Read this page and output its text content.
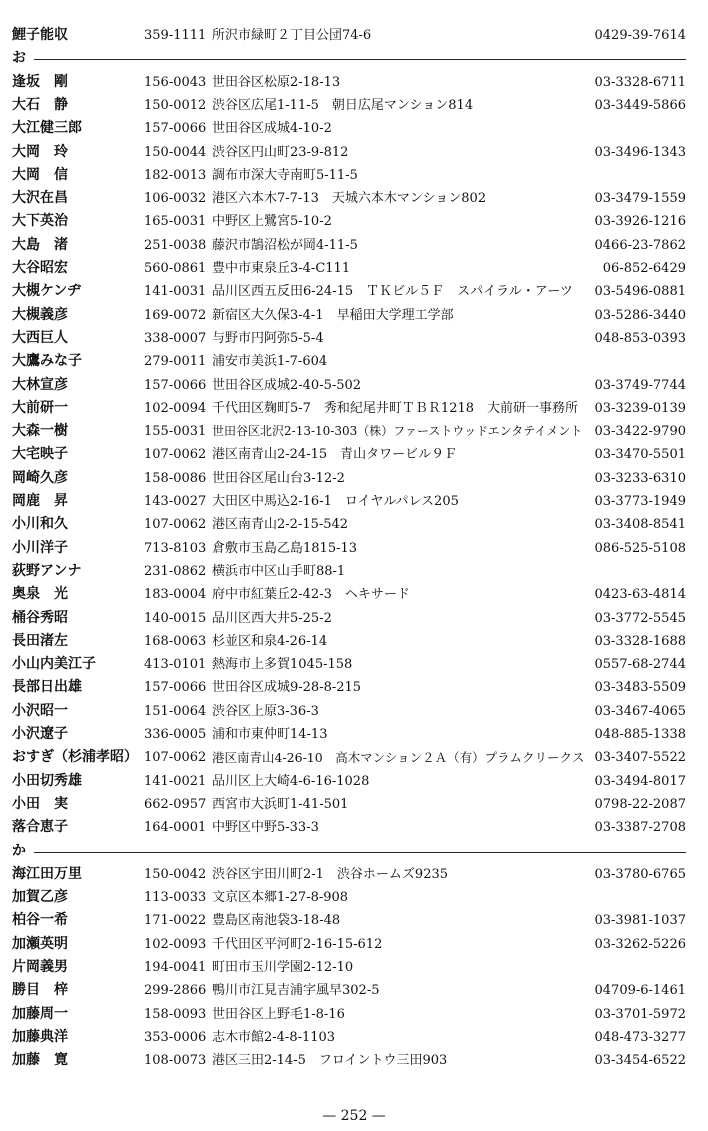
鯉子能収	359-1111 所沢市緑町２丁目公団74-6	0429-39-7614
お
逢坂　剛	156-0043 世田谷区松原2-18-13	03-3328-6711
大石　静	150-0012 渋谷区広尾1-11-5　朝日広尾マンション814	03-3449-5866
大江健三郎	157-0066 世田谷区成城4-10-2
大岡　玲	150-0044 渋谷区円山町23-9-812	03-3496-1343
大岡　信	182-0013 調布市深大寺南町5-11-5
大沢在昌	106-0032 港区六本木7-7-13　天城六本木マンション802	03-3479-1559
大下英治	165-0031 中野区上鷺宮5-10-2	03-3926-1216
大島　渚	251-0038 藤沢市鵠沼松が岡4-11-5	0466-23-7862
大谷昭宏	560-0861 豊中市東泉丘3-4-C111	06-852-6429
大槻ケンヂ	141-0031 品川区西五反田6-24-15　ＴＫビル５Ｆ　スパイラル・アーツ 03-5496-0881
大槻義彦	169-0072 新宿区大久保3-4-1　早稲田大学理工学部	03-5286-3440
大西巨人	338-0007 与野市円阿弥5-5-4	048-853-0393
大鷹みな子	279-0011 浦安市美浜1-7-604
大林宣彦	157-0066 世田谷区成城2-40-5-502	03-3749-7744
大前研一	102-0094 千代田区麹町5-7　秀和紀尾井町ＴＢＲ1218　大前研一事務所 03-3239-0139
大森一樹	155-0031 世田谷区北沢2-13-10-303（株）ファーストウッドエンタテイメント 03-3422-9790
大宅映子	107-0062 港区南青山2-24-15　青山タワービル９Ｆ	03-3470-5501
岡崎久彦	158-0086 世田谷区尾山台3-12-2	03-3233-6310
岡鹿　昇	143-0027 大田区中馬込2-16-1　ロイヤルパレス205	03-3773-1949
小川和久	107-0062 港区南青山2-2-15-542	03-3408-8541
小川洋子	713-8103 倉敷市玉島乙島1815-13	086-525-5108
荻野アンナ	231-0862 横浜市中区山手町88-1
奥泉　光	183-0004 府中市紅葉丘2-42-3　ヘキサード	0423-63-4814
桶谷秀昭	140-0015 品川区西大井5-25-2	03-3772-5545
長田渚左	168-0063 杉並区和泉4-26-14	03-3328-1688
小山内美江子	413-0101 熱海市上多賀1045-158	0557-68-2744
長部日出雄	157-0066 世田谷区成城9-28-8-215	03-3483-5509
小沢昭一	151-0064 渋谷区上原3-36-3	03-3467-4065
小沢遼子	336-0005 浦和市東仲町14-13	048-885-1338
おすぎ（杉浦孝昭） 107-0062 港区南青山4-26-10　高木マンション２Ａ（有）プラムクリークス 03-3407-5522
小田切秀雄	141-0021 品川区上大崎4-6-16-1028	03-3494-8017
小田　実	662-0957 西宮市大浜町1-41-501	0798-22-2087
落合恵子	164-0001 中野区中野5-33-3	03-3387-2708
か
海江田万里	150-0042 渋谷区宇田川町2-1　渋谷ホームズ9235	03-3780-6765
加賀乙彦	113-0033 文京区本郷1-27-8-908
柏谷一希	171-0022 豊島区南池袋3-18-48	03-3981-1037
加瀬英明	102-0093 千代田区平河町2-16-15-612	03-3262-5226
片岡義男	194-0041 町田市玉川学園2-12-10
勝目　梓	299-2866 鴨川市江見吉浦字風早302-5	04709-6-1461
加藤周一	158-0093 世田谷区上野毛1-8-16	03-3701-5972
加藤典洋	353-0006 志木市館2-4-8-1103	048-473-3277
加藤　寛	108-0073 港区三田2-14-5　フロイントウ三田903	03-3454-6522
— 252 —
